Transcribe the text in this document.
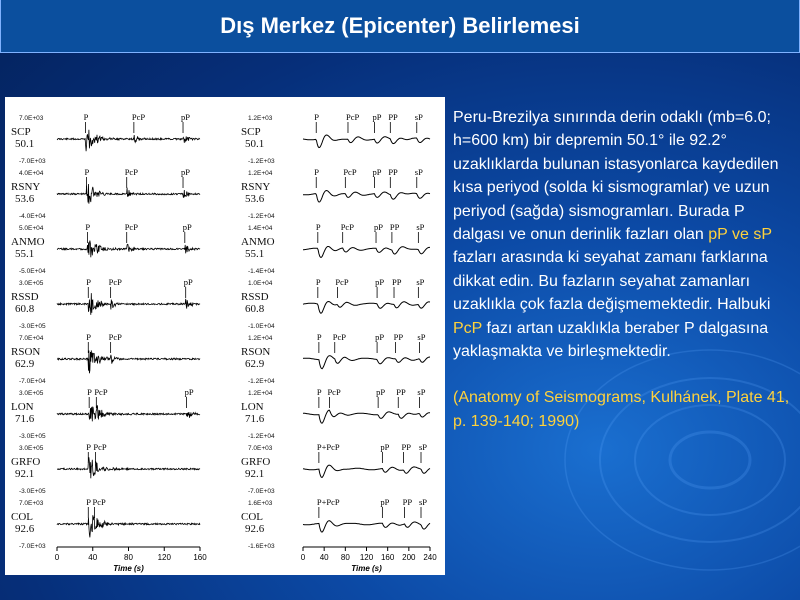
Dış Merkez (Epicenter) Belirlemesi
SCP
50.1
7.0E+03
-7.0E+03
P	PcP	pP
RSNY
53.6
4.0E+04
-4.0E+04
P	PcP	pP
ANMO
55.1
5.0E+04
-5.0E+04
P	PcP	pP
RSSD
60.8
3.0E+05
-3.0E+05
P PcP	pP
RSON
62.9
7.0E+04
-7.0E+04
P PcP
LON
71.6
3.0E+05
-3.0E+05
P PcP	pP
GRFO
92.1
3.0E+05
-3.0E+05
P PcP
COL
92.6
7.0E+03
-7.0E+03
P PcP
0	40	80	120	160
Time (s)
SCP
50.1
1.2E+03
-1.2E+03
P	PcP pP PP sP
RSNY
53.6
1.2E+04
-1.2E+04
P	PcP pP PP sP
ANMO
55.1
1.4E+04
-1.4E+04
P PcP pP PP sP
RSSD
60.8
1.0E+04
-1.0E+04
P PcP	pP PP sP
RSON
62.9
1.2E+04
-1.2E+04
P PcP	pP PP sP
LON
71.6
1.2E+04
-1.2E+04
P PcP	pP PP sP
GRFO
92.1
7.0E+03
-7.0E+03
P+PcP	pP PP sP
COL
92.6
1.6E+03
-1.6E+03
P+PcP	pP PP sP
0 40 80 120 160 200 240
Time (s)
Peru-Brezilya sınırında derin odaklı (mb=6.0; h=600 km) bir depremin 50.1° ile 92.2° uzaklıklarda bulunan istasyonlarca kaydedilen kısa periyod (solda ki sismogramlar) ve uzun periyod (sağda) sismogramları. Burada P dalgası ve onun derinlik fazları olan pP ve sP fazları arasında ki seyahat zamanı farklarına dikkat edin. Bu fazların seyahat zamanları uzaklıkla çok fazla değişmemektedir. Halbuki PcP fazı artan uzaklıkla beraber P dalgasına yaklaşmakta ve birleşmektedir.
(Anatomy of Seismograms, Kulhánek, Plate 41, p. 139-140; 1990)
